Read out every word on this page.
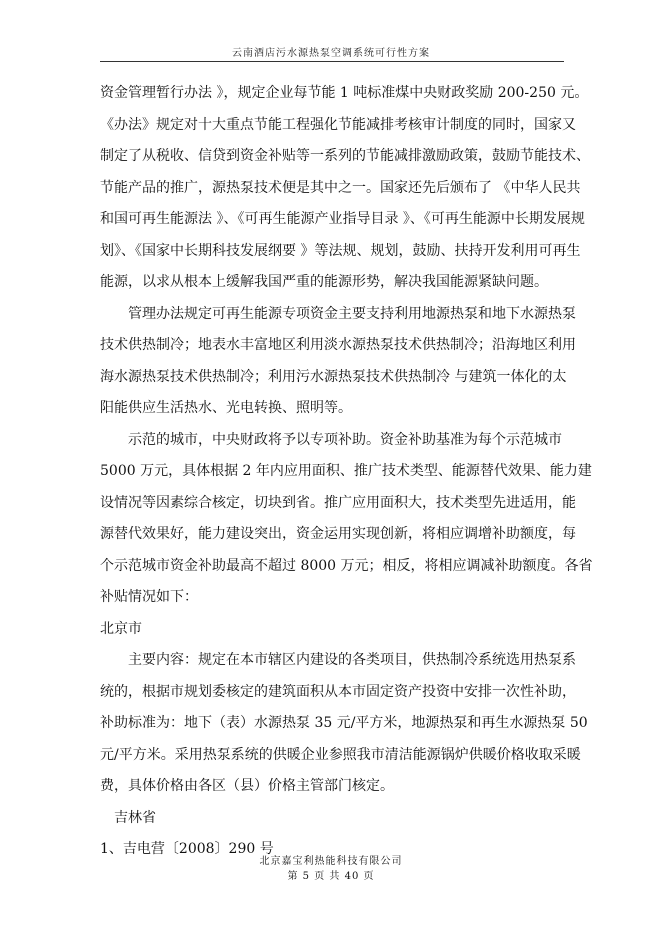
云南酒店污水源热泵空调系统可行性方案
资金管理暂行办法 》，规定企业每节能 1 吨标准煤中央财政奖励 200-250 元。
《办法》规定对十大重点节能工程强化节能减排考核审计制度的同时，国家又
制定了从税收、信贷到资金补贴等一系列的节能减排激励政策，鼓励节能技术、
节能产品的推广，源热泵技术便是其中之一。国家还先后颁布了 《中华人民共
和国可再生能源法 》、《可再生能源产业指导目录 》、《可再生能源中长期发展规
划》、《国家中长期科技发展纲要 》等法规、规划，鼓励、扶持开发利用可再生
能源，以求从根本上缓解我国严重的能源形势，解决我国能源紧缺问题。
管理办法规定可再生能源专项资金主要支持利用地源热泵和地下水源热泵
技术供热制冷；地表水丰富地区利用淡水源热泵技术供热制冷；沿海地区利用
海水源热泵技术供热制冷；利用污水源热泵技术供热制冷 与建筑一体化的太
阳能供应生活热水、光电转换、照明等。
示范的城市，中央财政将予以专项补助。资金补助基准为每个示范城市
5000 万元，具体根据 2 年内应用面积、推广技术类型、能源替代效果、能力建
设情况等因素综合核定，切块到省。推广应用面积大，技术类型先进适用，能
源替代效果好，能力建设突出，资金运用实现创新，将相应调增补助额度，每
个示范城市资金补助最高不超过 8000 万元；相反，将相应调减补助额度。各省
补贴情况如下：
北京市
主要内容：规定在本市辖区内建设的各类项目，供热制冷系统选用热泵系
统的，根据市规划委核定的建筑面积从本市固定资产投资中安排一次性补助，
补助标准为：地下（表）水源热泵 35 元/平方米，地源热泵和再生水源热泵 50
元/平方米。采用热泵系统的供暖企业参照我市清洁能源锅炉供暖价格收取采暖
费，具体价格由各区（县）价格主管部门核定。
吉林省
1、吉电营〔2008〕290 号
北京嘉宝利热能科技有限公司
第 5 页 共 40 页
